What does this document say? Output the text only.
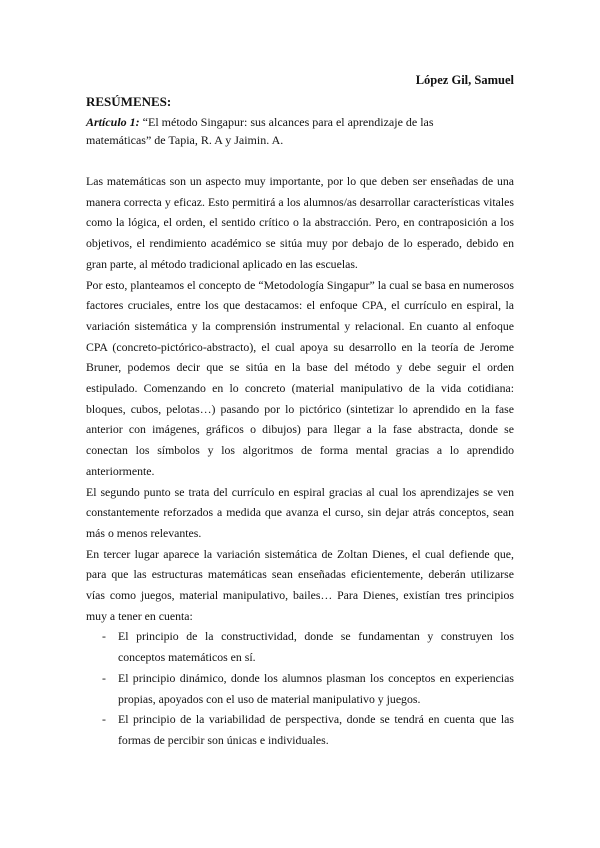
López Gil, Samuel
RESÚMENES:
Artículo 1: “El método Singapur: sus alcances para el aprendizaje de las matemáticas” de Tapia, R. A y Jaimin. A.

Las matemáticas son un aspecto muy importante, por lo que deben ser enseñadas de una manera correcta y eficaz. Esto permitirá a los alumnos/as desarrollar características vitales como la lógica, el orden, el sentido crítico o la abstracción. Pero, en contraposición a los objetivos, el rendimiento académico se sitúa muy por debajo de lo esperado, debido en gran parte, al método tradicional aplicado en las escuelas.

Por esto, planteamos el concepto de “Metodología Singapur” la cual se basa en numerosos factores cruciales, entre los que destacamos: el enfoque CPA, el currículo en espiral, la variación sistemática y la comprensión instrumental y relacional. En cuanto al enfoque CPA (concreto-pictórico-abstracto), el cual apoya su desarrollo en la teoría de Jerome Bruner, podemos decir que se sitúa en la base del método y debe seguir el orden estipulado. Comenzando en lo concreto (material manipulativo de la vida cotidiana: bloques, cubos, pelotas…) pasando por lo pictórico (sintetizar lo aprendido en la fase anterior con imágenes, gráficos o dibujos) para llegar a la fase abstracta, donde se conectan los símbolos y los algoritmos de forma mental gracias a lo aprendido anteriormente.

El segundo punto se trata del currículo en espiral gracias al cual los aprendizajes se ven constantemente reforzados a medida que avanza el curso, sin dejar atrás conceptos, sean más o menos relevantes.

En tercer lugar aparece la variación sistemática de Zoltan Dienes, el cual defiende que, para que las estructuras matemáticas sean enseñadas eficientemente, deberán utilizarse vías como juegos, material manipulativo, bailes… Para Dienes, existían tres principios muy a tener en cuenta:

- El principio de la constructividad, donde se fundamentan y construyen los conceptos matemáticos en sí.
- El principio dinámico, donde los alumnos plasman los conceptos en experiencias propias, apoyados con el uso de material manipulativo y juegos.
- El principio de la variabilidad de perspectiva, donde se tendrá en cuenta que las formas de percibir son únicas e individuales.
